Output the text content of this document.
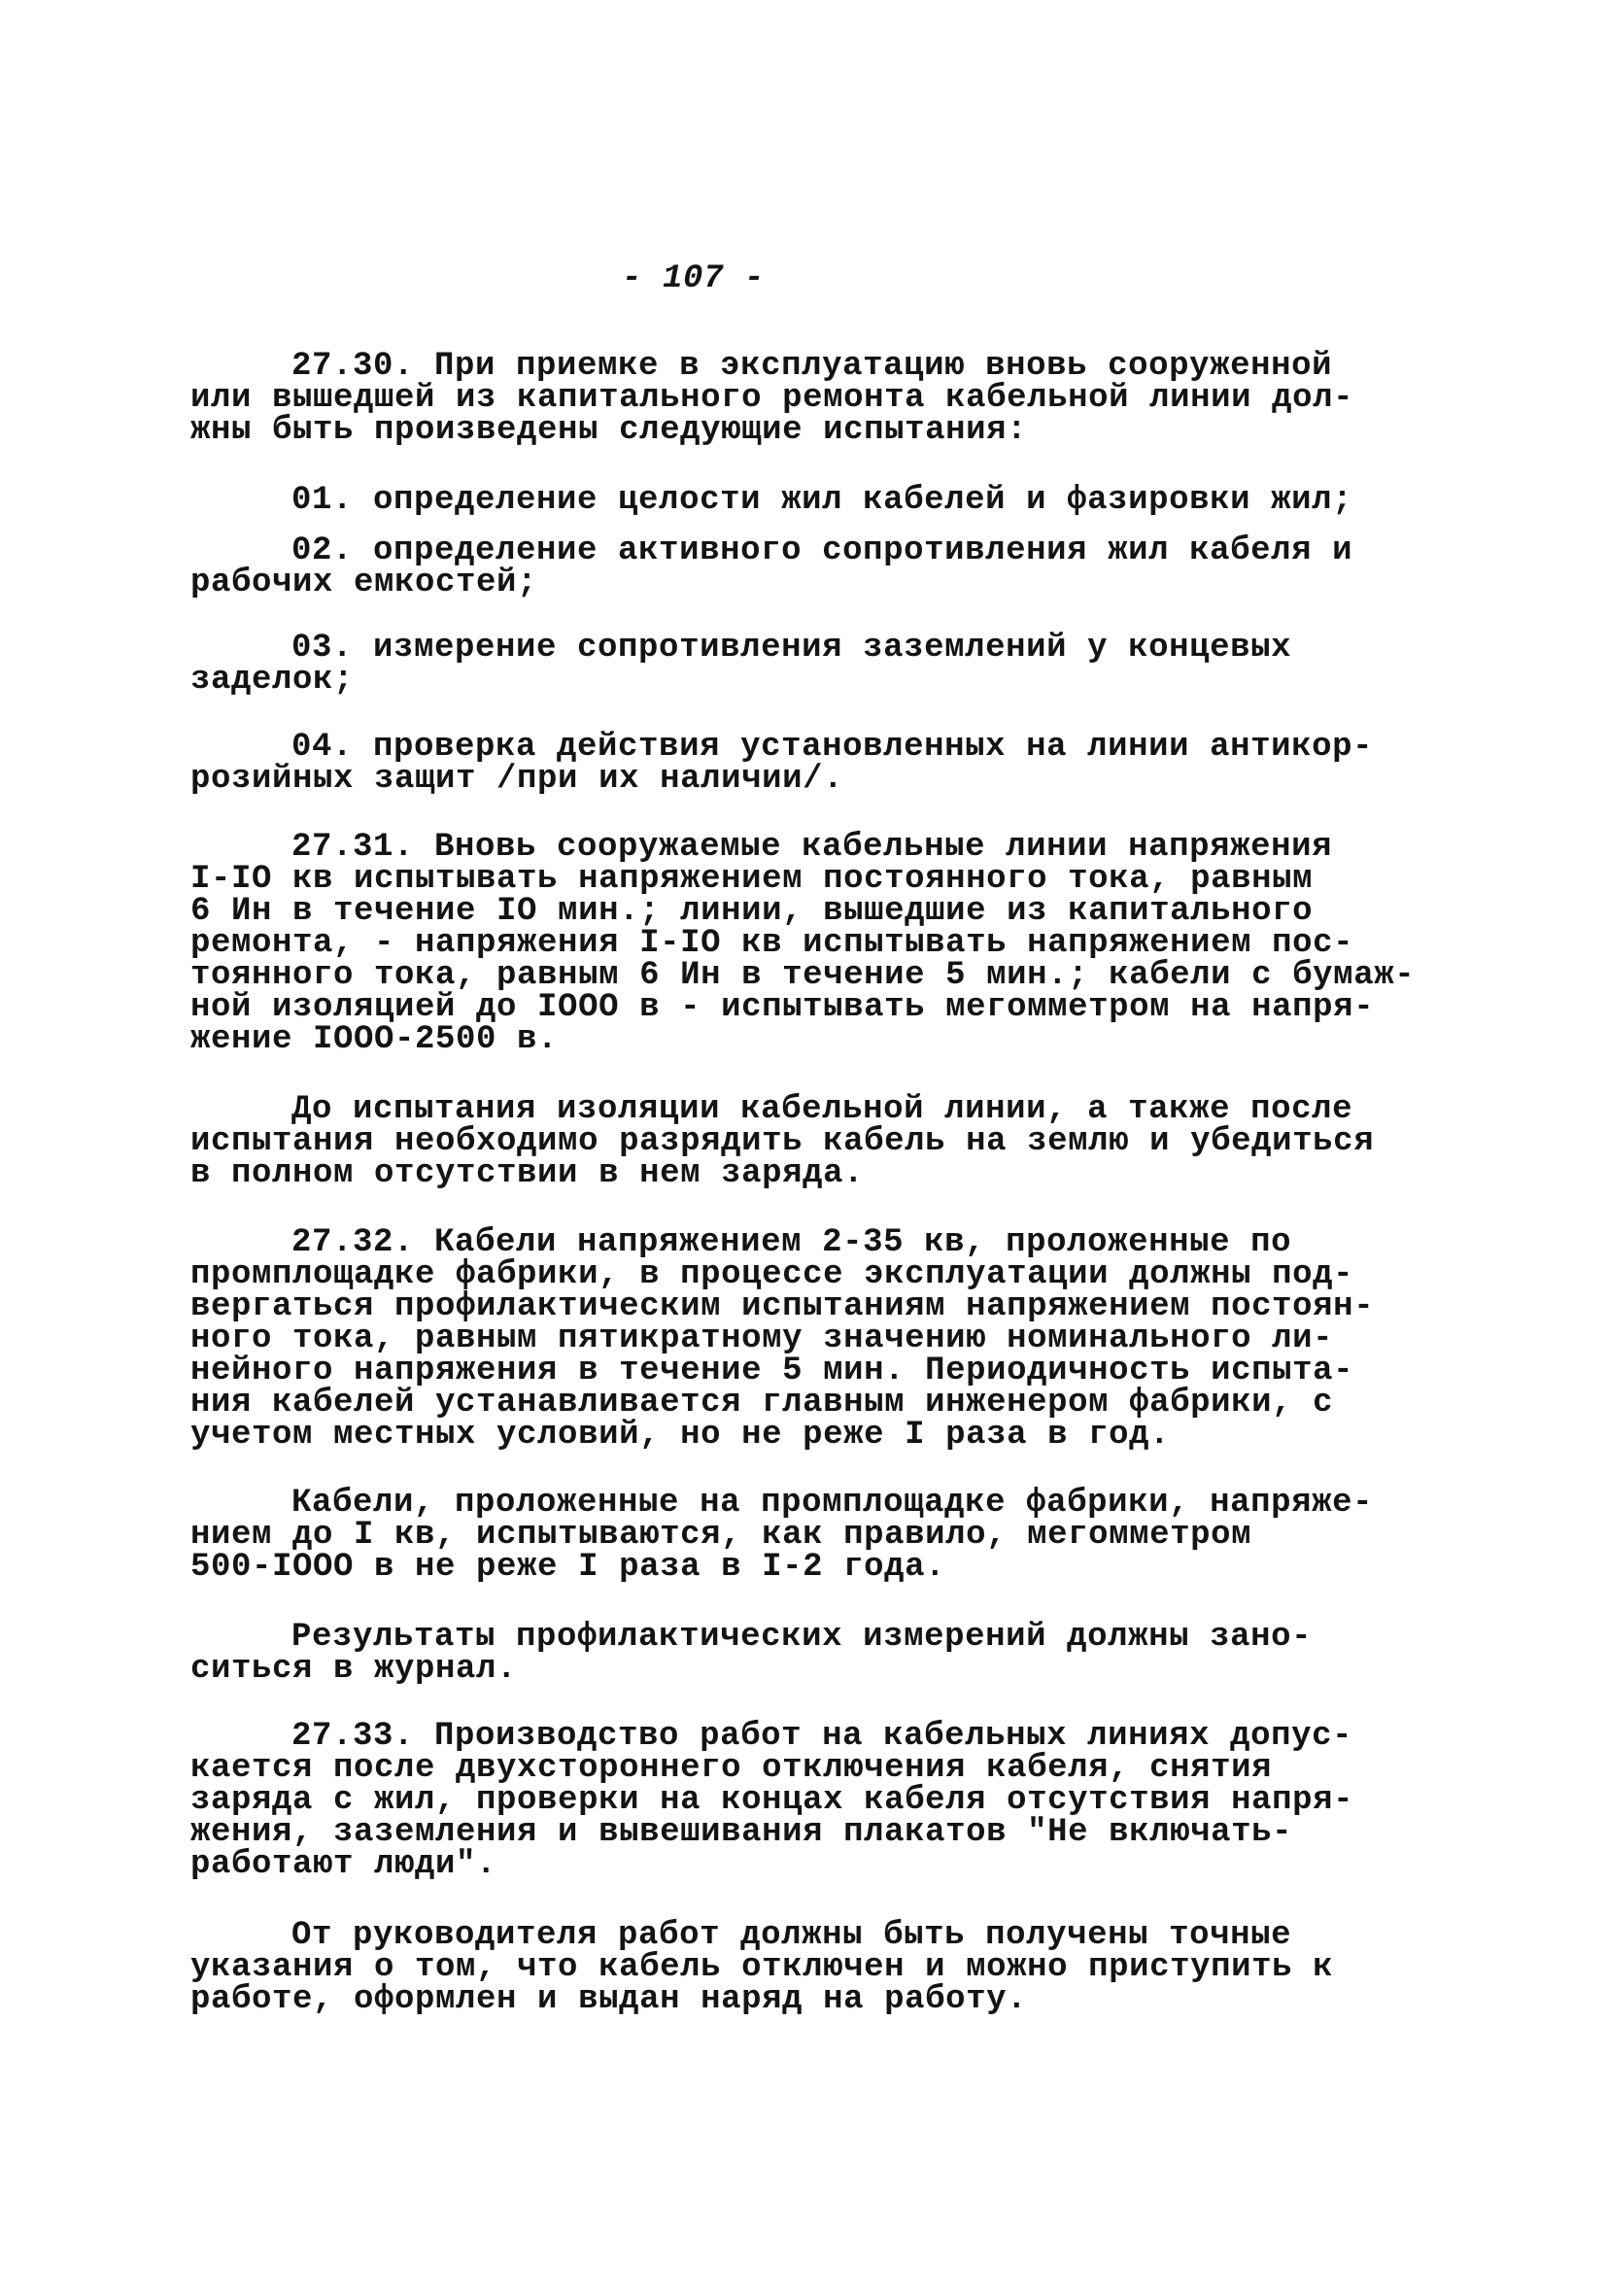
- 107 -
27.30. При приемке в эксплуатацию вновь сооруженной
или вышедшей из капитального ремонта кабельной линии дол-
жны быть произведены следующие испытания:
01. определение целости жил кабелей и фазировки жил;
02. определение активного сопротивления жил кабеля и
рабочих емкостей;
03. измерение сопротивления заземлений у концевых
заделок;
04. проверка действия установленных на линии антикор-
розийных защит /при их наличии/.
27.31. Вновь сооружаемые кабельные линии напряжения
I-IO кв испытывать напряжением постоянного тока, равным
6 Ин в течение IO мин.; линии, вышедшие из капитального
ремонта, - напряжения I-IO кв испытывать напряжением пос-
тоянного тока, равным 6 Ин в течение 5 мин.; кабели с бумаж-
ной изоляцией до IOOO в - испытывать мегомметром на напря-
жение IOOO-2500 в.
До испытания изоляции кабельной линии, а также после
испытания необходимо разрядить кабель на землю и убедиться
в полном отсутствии в нем заряда.
27.32. Кабели напряжением 2-35 кв, проложенные по
промплощадке фабрики, в процессе эксплуатации должны под-
вергаться профилактическим испытаниям напряжением постоян-
ного тока, равным пятикратному значению номинального ли-
нейного напряжения в течение 5 мин. Периодичность испыта-
ния кабелей устанавливается главным инженером фабрики, с
учетом местных условий, но не реже I раза в год.
Кабели, проложенные на промплощадке фабрики, напряже-
нием до I кв, испытываются, как правило, мегомметром
500-IOOO в не реже I раза в I-2 года.
Результаты профилактических измерений должны зано-
ситься в журнал.
27.33. Производство работ на кабельных линиях допус-
кается после двухстороннего отключения кабеля, снятия
заряда с жил, проверки на концах кабеля отсутствия напря-
жения, заземления и вывешивания плакатов "Не включать-
работают люди".
От руководителя работ должны быть получены точные
указания о том, что кабель отключен и можно приступить к
работе, оформлен и выдан наряд на работу.
